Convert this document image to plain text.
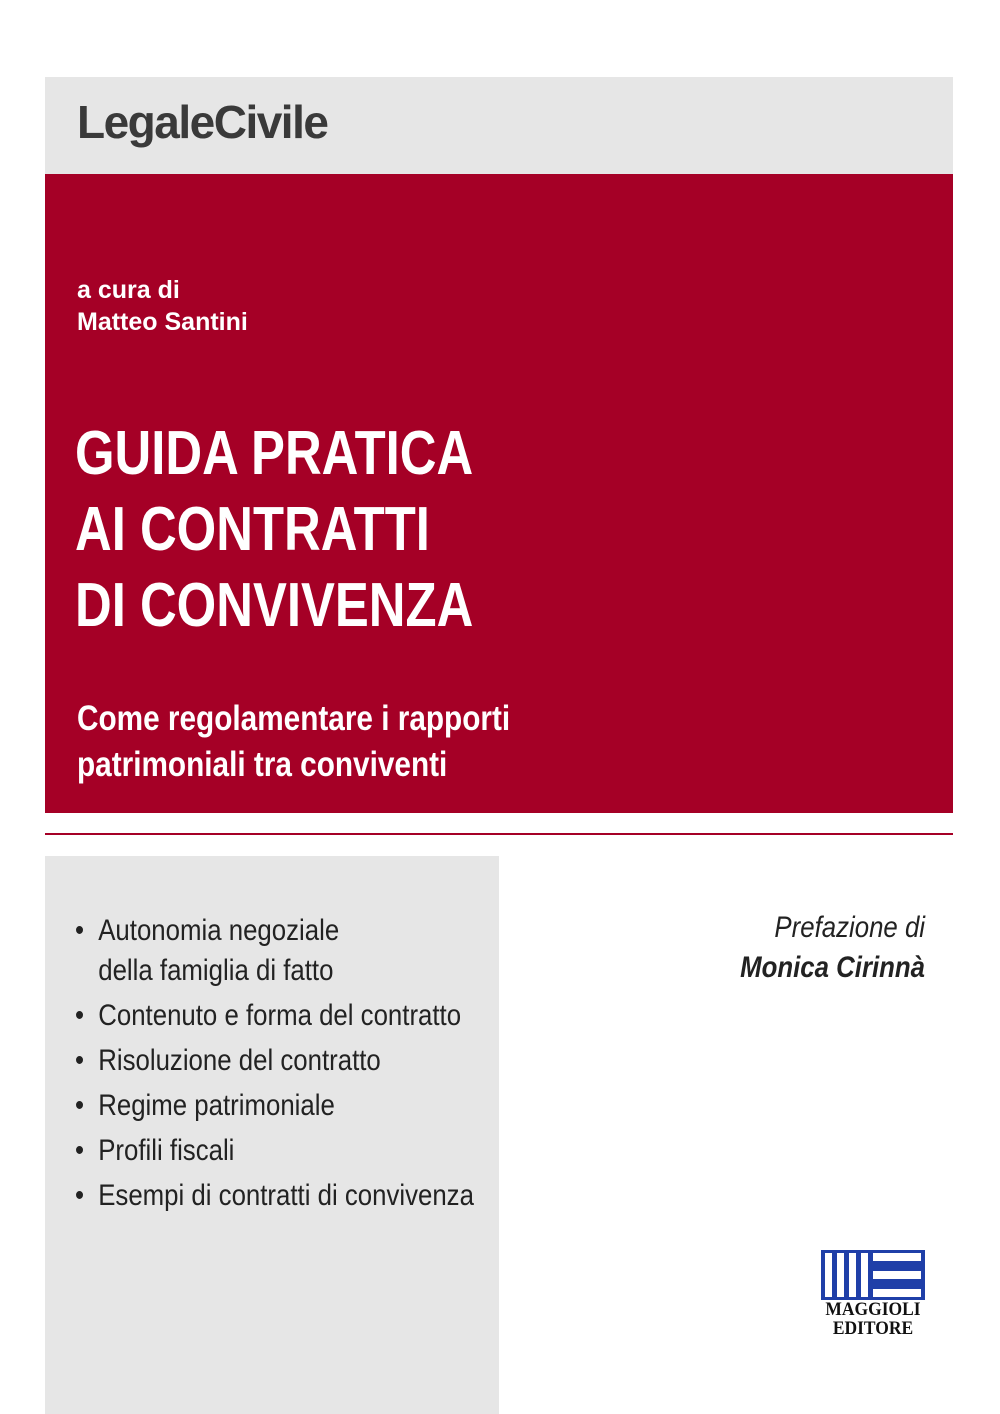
LegaleCivile
a cura di
Matteo Santini
GUIDA PRATICA
AI CONTRATTI
DI CONVIVENZA
Come regolamentare i rapporti
patrimoniali tra conviventi
• Autonomia negoziale
della famiglia di fatto
• Contenuto e forma del contratto
• Risoluzione del contratto
• Regime patrimoniale
• Profili fiscali
• Esempi di contratti di convivenza
Prefazione di
Monica Cirinnà
MAGGIOLI
EDITORE
